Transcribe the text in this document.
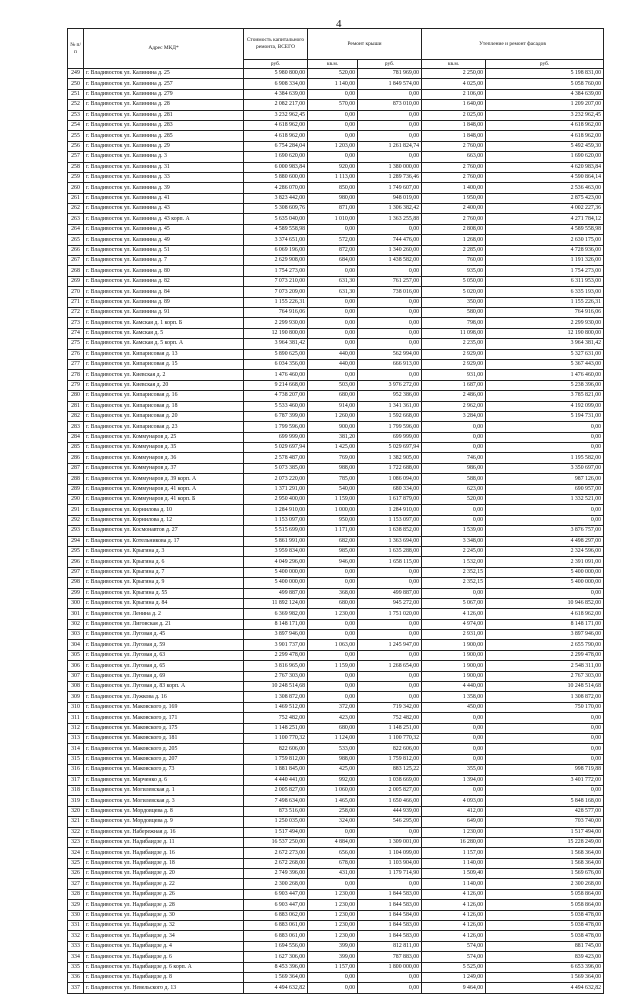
4
№ п/п	Адрес МКД*	Стоимость капитального ремонта, ВСЕГО	Ремонт крыши		Утепление и ремонт фасадов	
		руб.	кв.м.	руб.	кв.м.	руб.
249	г. Владивосток ул. Калинина д. 25	5 980 800,00	520,00	781 969,00	2 250,00	5 198 831,00
250	г. Владивосток ул. Калинина д. 257	6 908 334,00	1 140,00	1 849 574,00	4 025,00	5 058 760,00
251	г. Владивосток ул. Калинина д. 279	4 384 639,00	0,00	0,00	2 106,00	4 384 639,00
252	г. Владивосток ул. Калинина д. 28	2 082 217,00	570,00	873 010,00	1 640,00	1 209 207,00
253	г. Владивосток ул. Калинина д. 281	3 232 962,45	0,00	0,00	2 025,00	3 232 962,45
254	г. Владивосток ул. Калинина д. 283	4 618 962,00	0,00	0,00	1 848,00	4 618 962,00
255	г. Владивосток ул. Калинина д. 285	4 618 962,00	0,00	0,00	1 848,00	4 618 962,00
256	г. Владивосток ул. Калинина д. 29	6 754 284,04	1 203,00	1 261 824,74	2 760,00	5 492 459,30
257	г. Владивосток ул. Калинина д. 3	1 690 620,00	0,00	0,00	663,00	1 690 620,00
258	г. Владивосток ул. Калинина д. 31	6 000 983,84	920,00	1 380 000,00	2 760,00	4 620 983,84
259	г. Владивосток ул. Калинина д. 33	5 880 600,00	1 113,00	1 289 736,46	2 760,00	4 590 864,14
260	г. Владивосток ул. Калинина д. 39	4 286 070,00	850,00	1 749 607,00	1 400,00	2 536 463,00
261	г. Владивосток ул. Калинина д. 41	3 823 442,00	980,00	948 019,00	1 950,00	2 875 423,00
262	г. Владивосток ул. Калинина д. 43	5 308 609,76	871,00	1 306 382,42	2 400,00	4 002 227,36
263	г. Владивосток ул. Калинина д. 43 корп. А	5 635 040,00	1 010,00	1 363 255,88	2 760,00	4 271 784,12
264	г. Владивосток ул. Калинина д. 45	4 589 558,98	0,00	0,00	2 808,00	4 589 558,98
265	г. Владивосток ул. Калинина д. 49	3 374 651,00	572,00	744 476,00	1 268,00	2 630 175,00
266	г. Владивосток ул. Калинина д. 51	6 069 196,00	872,00	1 340 260,00	2 285,00	4 728 936,00
267	г. Владивосток ул. Калинина д. 7	2 629 908,00	684,00	1 438 582,00	760,00	1 191 326,00
268	г. Владивосток ул. Калинина д. 80	1 754 273,00	0,00	0,00	935,00	1 754 273,00
269	г. Владивосток ул. Калинина д. 82	7 073 210,00	631,30	761 257,00	5 050,00	6 311 953,00
270	г. Владивосток ул. Калинина д. 84	7 073 209,00	631,30	738 016,00	5 020,00	6 335 193,00
271	г. Владивосток ул. Калинина д. 89	1 155 226,31	0,00	0,00	350,00	1 155 226,31
272	г. Владивосток ул. Калинина д. 91	764 916,06	0,00	0,00	580,00	764 916,06
273	г. Владивосток ул. Камская д. 1 корп. Б	2 299 930,00	0,00	0,00	798,00	2 299 930,00
274	г. Владивосток ул. Камская д. 5	12 190 800,00	0,00	0,00	11 098,00	12 190 800,00
275	г. Владивосток ул. Камская д. 5 корп. А	3 964 381,42	0,00	0,00	2 235,00	3 964 381,42
276	г. Владивосток ул. Кипарисовая д. 13	5 890 625,00	440,00	562 994,00	2 929,00	5 327 631,00
277	г. Владивосток ул. Кипарисовая д. 15	6 034 356,00	440,00	666 913,00	2 929,00	5 367 443,00
278	г. Владивосток ул. Киевская д. 2	1 476 460,00	0,00	0,00	931,00	1 476 460,00
279	г. Владивосток ул. Киевская д. 20	9 214 668,00	503,00	3 976 272,00	1 687,00	5 238 396,00
280	г. Владивосток ул. Кипарисовая д. 16	4 738 207,00	680,00	952 386,00	2 486,00	3 785 821,00
281	г. Владивосток ул. Кипарисовая д. 18	5 533 460,00	914,00	1 341 361,00	2 962,00	4 192 099,00
282	г. Владивосток ул. Кипарисовая д. 20	6 787 399,00	1 260,00	1 592 668,00	3 284,00	5 194 731,00
283	г. Владивосток ул. Кипарисовая д. 23	1 799 596,00	900,00	1 799 596,00	0,00	0,00
284	г. Владивосток ул. Коммунаров д. 25	699 999,00	381,20	699 999,00	0,00	0,00
285	г. Владивосток ул. Коммунаров д. 35	5 029 697,94	1 425,00	5 029 697,94	0,00	0,00
286	г. Владивосток ул. Коммунаров д. 36	2 578 487,00	769,00	1 382 905,00	746,00	1 195 582,00
287	г. Владивосток ул. Коммунаров д. 37	5 073 385,00	988,00	1 722 688,00	986,00	3 350 697,00
288	г. Владивосток ул. Коммунаров д. 39 корп. А	2 073 220,00	785,00	1 086 094,00	588,00	987 126,00
289	г. Владивосток ул. Коммунаров д. 41 корп. А	1 371 291,00	540,00	680 334,00	623,00	690 957,00
290	г. Владивосток ул. Коммунаров д. 41 корп. Б	2 950 400,00	1 159,00	1 617 879,00	520,00	1 332 521,00
291	г. Владивосток ул. Корнилова д. 10	1 284 910,00	1 000,00	1 284 910,00	0,00	0,00
292	г. Владивосток ул. Корнилова д. 12	1 153 097,00	950,00	1 153 097,00	0,00	0,00
293	г. Владивосток ул. Космонавтов д. 27	5 515 699,00	1 171,00	1 638 852,00	1 539,00	3 876 757,00
294	г. Владивосток ул. Котельникова д. 17	5 861 991,00	682,00	1 363 694,00	3 348,00	4 498 297,00
295	г. Владивосток ул. Крыгина д. 3	3 959 834,00	985,00	1 635 288,00	2 245,00	2 324 596,00
296	г. Владивосток ул. Крыгина д. 6	4 049 296,00	946,00	1 658 115,00	1 532,00	2 391 091,00
297	г. Владивосток ул. Крыгина д. 7	5 400 000,00	0,00	0,00	2 352,15	5 400 000,00
298	г. Владивосток ул. Крыгина д. 9	5 400 000,00	0,00	0,00	2 352,15	5 400 000,00
299	г. Владивосток ул. Крыгина д. 55	499 887,00	368,00	499 887,00	0,00	0,00
300	г. Владивосток ул. Крыгина д. 84	11 892 124,00	680,00	945 272,00	5 067,00	10 946 852,00
301	г. Владивосток ул. Ленина д. 2	6 369 982,00	1 230,00	1 751 020,00	4 126,00	4 618 962,00
302	г. Владивосток ул. Лиговская д. 21	8 148 171,00	0,00	0,00	4 974,00	8 148 171,00
303	г. Владивосток ул. Луговая д. 45	3 897 946,00	0,00	0,00	2 931,00	3 897 946,00
304	г. Владивосток ул. Луговая д. 59	3 901 737,00	1 063,00	1 245 947,00	1 900,00	2 655 790,00
305	г. Владивосток ул. Луговая д. 63	2 299 478,00	0,00	0,00	1 900,00	2 299 478,00
306	г. Владивосток ул. Луговая д. 65	3 816 965,00	1 159,00	1 268 654,00	1 900,00	2 548 311,00
307	г. Владивосток ул. Луговая д. 69	2 767 303,00	0,00	0,00	1 900,00	2 767 303,00
308	г. Владивосток ул. Луговая д. 83 корп. А	10 248 514,68	0,00	0,00	4 440,00	10 248 514,68
309	г. Владивосток ул. Лужкова д. 16	1 308 872,00	0,00	0,00	1 358,00	1 308 872,00
310	г. Владивосток ул. Маковского д. 169	1 469 512,00	372,00	719 342,00	450,00	750 170,00
311	г. Владивосток ул. Маковского д. 171	752 482,00	423,00	752 482,00	0,00	0,00
312	г. Владивосток ул. Маковского д. 175	1 148 251,00	680,00	1 148 251,00	0,00	0,00
313	г. Владивосток ул. Маковского д. 181	1 100 770,32	1 124,00	1 100 770,32	0,00	0,00
314	г. Владивосток ул. Маковского д. 205	822 606,00	533,00	822 606,00	0,00	0,00
315	г. Владивосток ул. Маковского д. 207	1 759 812,00	988,00	1 759 812,00	0,00	0,00
316	г. Владивосток ул. Маковского д. 73	1 881 845,00	425,00	883 125,22	355,00	998 719,88
317	г. Владивосток ул. Марченко д. 6	4 440 441,00	992,00	1 038 669,00	1 394,00	3 401 772,00
318	г. Владивосток ул. Могилевская д. 1	2 005 827,00	1 060,00	2 005 827,00	0,00	0,00
319	г. Владивосток ул. Могилевская д. 3	7 498 634,00	1 465,00	1 650 466,00	4 093,00	5 848 168,00
320	г. Владивосток ул. Мордовцева д. 8	873 516,00	258,00	444 939,00	412,00	428 577,00
321	г. Владивосток ул. Мордовцева д. 9	1 250 035,00	324,00	546 295,00	649,00	703 740,00
322	г. Владивосток ул. Набережная д. 16	1 517 494,00	0,00	0,00	1 230,00	1 517 494,00
323	г. Владивосток ул. Надибаидзе д. 11	16 537 250,00	4 884,00	1 309 001,00	16 280,00	15 228 249,00
324	г. Владивосток ул. Надибаидзе д. 16	2 672 273,00	656,00	1 104 099,00	1 157,00	1 568 364,00
325	г. Владивосток ул. Надибаидзе д. 18	2 672 268,00	678,00	1 103 904,00	1 140,00	1 568 364,00
326	г. Владивосток ул. Надибаидзе д. 20	2 749 396,00	431,00	1 179 714,90	1 509,40	1 569 676,00
327	г. Владивосток ул. Надибаидзе д. 22	2 300 268,00	0,00	0,00	1 140,00	2 300 268,00
328	г. Владивосток ул. Надибаидзе д. 26	6 903 447,00	1 230,00	1 844 583,00	4 126,00	5 058 864,00
329	г. Владивосток ул. Надибаидзе д. 28	6 903 447,00	1 230,00	1 844 583,00	4 126,00	5 058 864,00
330	г. Владивосток ул. Надибаидзе д. 30	6 883 062,00	1 230,00	1 844 584,00	4 126,00	5 038 478,00
331	г. Владивосток ул. Надибаидзе д. 32	6 883 061,00	1 230,00	1 844 583,00	4 126,00	5 038 478,00
332	г. Владивосток ул. Надибаидзе д. 34	6 883 061,00	1 230,00	1 844 583,00	4 126,00	5 038 478,00
333	г. Владивосток ул. Надибаидзе д. 4	1 694 556,00	399,00	812 811,00	574,00	881 745,00
334	г. Владивосток ул. Надибаидзе д. 6	1 627 306,00	399,00	787 883,00	574,00	839 423,00
335	г. Владивосток ул. Надибаидзе д. 6 корп. А	8 453 396,00	1 157,00	1 800 000,00	5 525,00	6 653 396,00
336	г. Владивосток ул. Надибаидзе д. 8	1 569 364,00	0,00	0,00	1 249,00	1 569 364,00
337	г. Владивосток ул. Невельского д. 13	4 494 632,82	0,00	0,00	9 464,00	4 494 632,82
